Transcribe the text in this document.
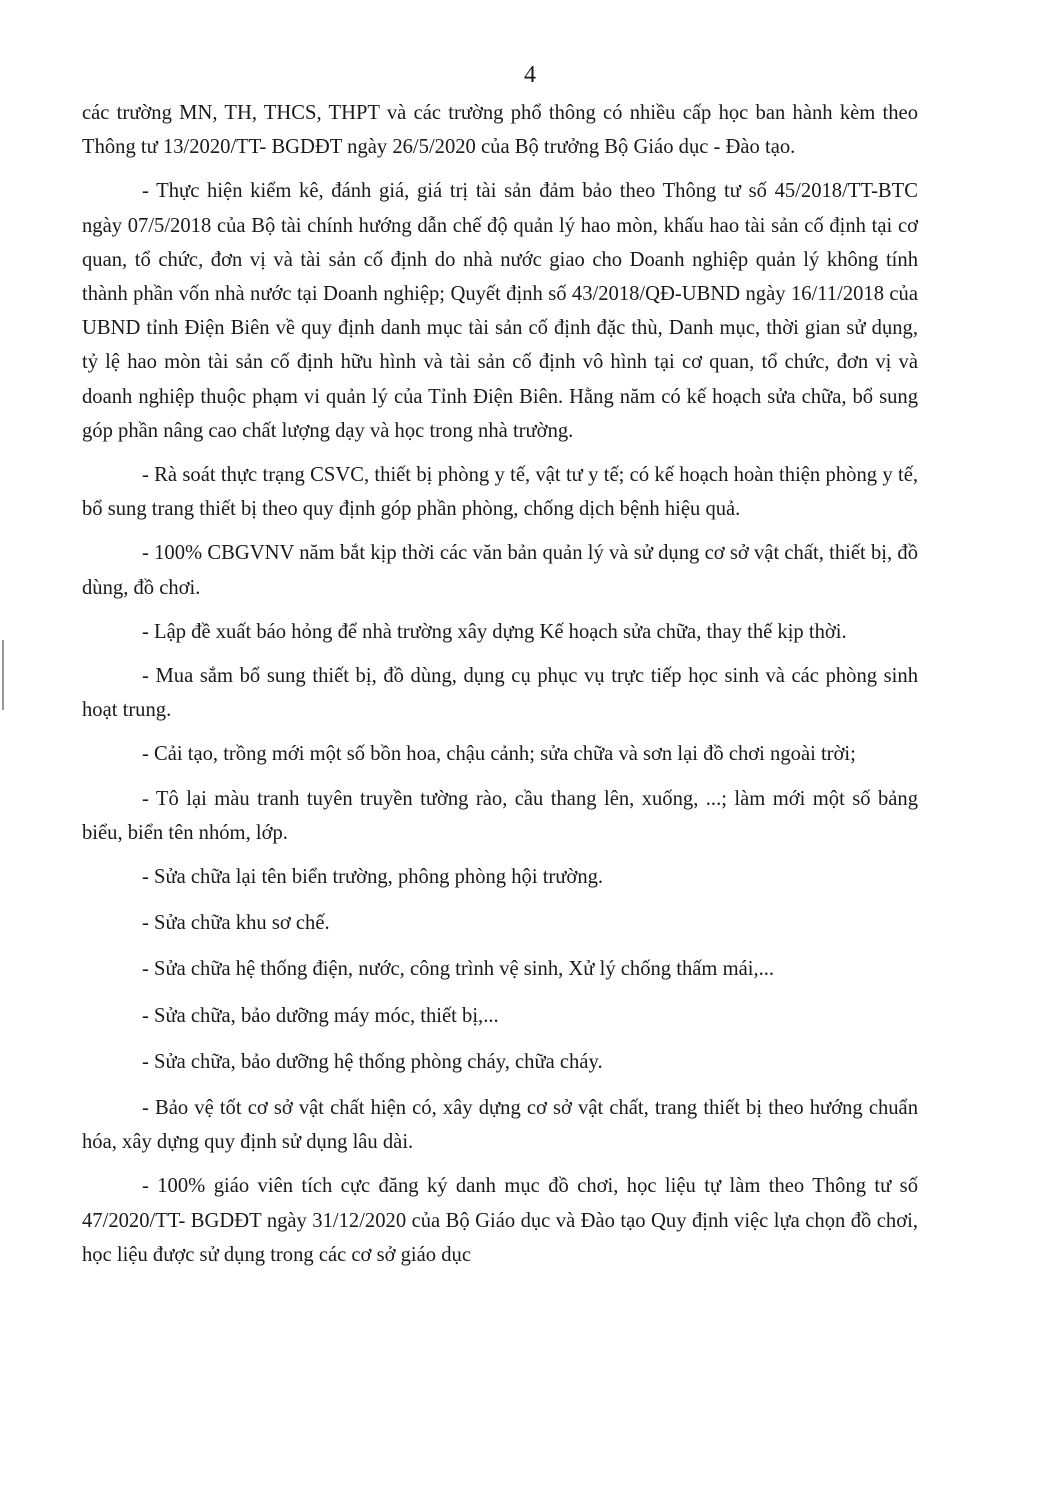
4

các trường MN, TH, THCS, THPT và các trường phổ thông có nhiều cấp học ban hành kèm theo Thông tư 13/2020/TT- BGDĐT ngày 26/5/2020 của Bộ trưởng Bộ Giáo dục - Đào tạo.

- Thực hiện kiểm kê, đánh giá, giá trị tài sản đảm bảo theo Thông tư số 45/2018/TT-BTC ngày 07/5/2018 của Bộ tài chính hướng dẫn chế độ quản lý hao mòn, khấu hao tài sản cố định tại cơ quan, tổ chức, đơn vị và tài sản cố định do nhà nước giao cho Doanh nghiệp quản lý không tính thành phần vốn nhà nước tại Doanh nghiệp; Quyết định số 43/2018/QĐ-UBND ngày 16/11/2018 của UBND tỉnh Điện Biên về quy định danh mục tài sản cố định đặc thù, Danh mục, thời gian sử dụng, tỷ lệ hao mòn tài sản cố định hữu hình và tài sản cố định vô hình tại cơ quan, tổ chức, đơn vị và doanh nghiệp thuộc phạm vi quản lý của Tỉnh Điện Biên. Hằng năm có kế hoạch sửa chữa, bổ sung góp phần nâng cao chất lượng dạy và học trong nhà trường.

- Rà soát thực trạng CSVC, thiết bị phòng y tế, vật tư y tế; có kế hoạch hoàn thiện phòng y tế, bổ sung trang thiết bị theo quy định góp phần phòng, chống dịch bệnh hiệu quả.

- 100% CBGVNV năm bắt kịp thời các văn bản quản lý và sử dụng cơ sở vật chất, thiết bị, đồ dùng, đồ chơi.

- Lập đề xuất báo hỏng để nhà trường xây dựng Kế hoạch sửa chữa, thay thế kịp thời.

- Mua sắm bổ sung thiết bị, đồ dùng, dụng cụ phục vụ trực tiếp học sinh và các phòng sinh hoạt trung.

- Cải tạo, trồng mới một số bồn hoa, chậu cảnh; sửa chữa và sơn lại đồ chơi ngoài trời;

- Tô lại màu tranh tuyên truyền tường rào, cầu thang lên, xuống, ...; làm mới một số bảng biểu, biển tên nhóm, lớp.

- Sửa chữa lại tên biển trường, phông phòng hội trường.

- Sửa chữa khu sơ chế.

- Sửa chữa hệ thống điện, nước, công trình vệ sinh, Xử lý chống thấm mái,...

- Sửa chữa, bảo dưỡng máy móc, thiết bị,...

- Sửa chữa, bảo dưỡng hệ thống phòng cháy, chữa cháy.

- Bảo vệ tốt cơ sở vật chất hiện có, xây dựng cơ sở vật chất, trang thiết bị theo hướng chuẩn hóa, xây dựng quy định sử dụng lâu dài.

- 100% giáo viên tích cực đăng ký danh mục đồ chơi, học liệu tự làm theo Thông tư số 47/2020/TT- BGDĐT ngày 31/12/2020 của Bộ Giáo dục và Đào tạo Quy định việc lựa chọn đồ chơi, học liệu được sử dụng trong các cơ sở giáo dục
